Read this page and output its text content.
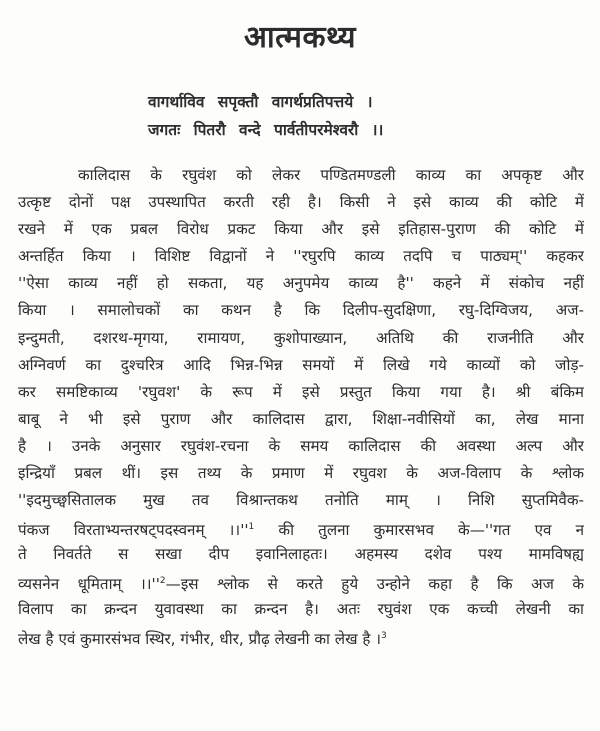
आत्मकथ्य
वागर्थाविव सपृक्तौ वागर्थप्रतिपत्तये ।
जगतः पितरौ वन्दे पार्वतीपरमेश्वरौ ।।
कालिदास के रघुवंश को लेकर पण्डितमण्डली काव्य का अपकृष्ट और
उत्कृष्ट दोनों पक्ष उपस्थापित करती रही है। किसी ने इसे काव्य की कोटि में
रखने में एक प्रबल विरोध प्रकट किया और इसे इतिहास-पुराण की कोटि में
अन्तर्हित किया । विशिष्ट विद्वानों ने ''रघुरपि काव्य तदपि च पाठ्यम्'' कहकर
''ऐसा काव्य नहीं हो सकता, यह अनुपमेय काव्य है'' कहने में संकोच नहीं
किया । समालोचकों का कथन है कि दिलीप-सुदक्षिणा, रघु-दिग्विजय, अज-
इन्दुमती, दशरथ-मृगया, रामायण, कुशोपाख्यान, अतिथि की राजनीति और
अग्निवर्ण का दुश्चरित्र आदि भिन्न-भिन्न समयों में लिखे गये काव्यों को जोड़-
कर समष्टिकाव्य 'रघुवश' के रूप में इसे प्रस्तुत किया गया है। श्री बंकिम
बाबू ने भी इसे पुराण और कालिदास द्वारा, शिक्षा-नवीसियों का, लेख माना
है । उनके अनुसार रघुवंश-रचना के समय कालिदास की अवस्था अल्प और
इन्द्रियाँ प्रबल थीं। इस तथ्य के प्रमाण में रघुवश के अज-विलाप के श्लोक
''इदमुच्छ्वसितालक मुख तव विश्रान्तकथ तनोति माम् । निशि सुप्तमिवैक-
पंकज विरताभ्यन्तरषट्पदस्वनम् $।।''^1$ की तुलना कुमारसभव के—''गत एव न
ते निवर्तते स सखा दीप इवानिलाहतः। अहमस्य दशेव पश्य मामविषह्य
व्यसनेन धूमिताम् $।।''^2—इस$ श्लोक से करते हुये उन्होने कहा है कि अज के
विलाप का क्रन्दन युवावस्था का क्रन्दन है। अतः रघुवंश एक कच्ची लेखनी का
लेख है एवं कुमारसंभव स्थिर, गंभीर, धीर, प्रौढ़ लेखनी का लेख है ।$^3$
